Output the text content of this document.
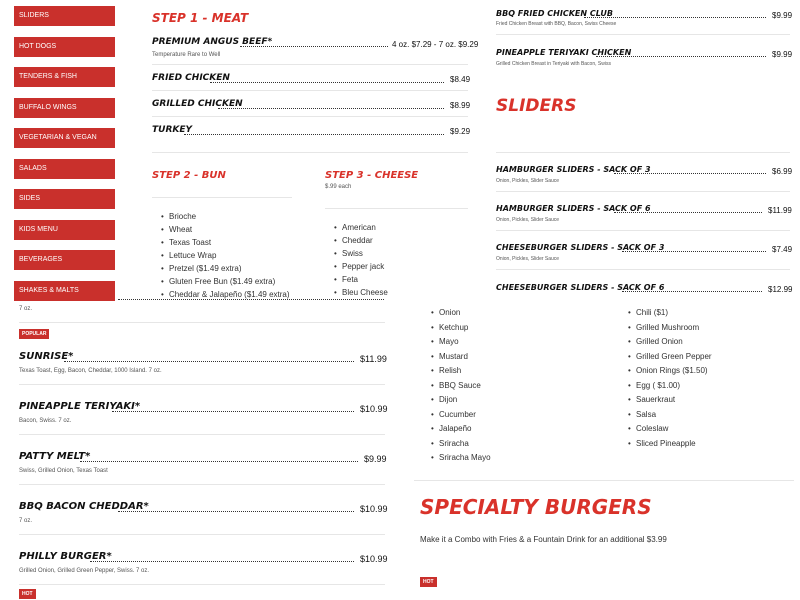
SLIDERS
HOT DOGS
TENDERS & FISH
BUFFALO WINGS
VEGETARIAN & VEGAN
SALADS
SIDES
KIDS MENU
BEVERAGES
SHAKES & MALTS
STEP 1 - MEAT
PREMIUM ANGUS BEEF*	4 oz. $7.29 - 7 oz. $9.29
Temperature Rare to Well
FRIED CHICKEN	$8.49
GRILLED CHICKEN	$8.99
TURKEY	$9.29
STEP 2 - BUN
• Brioche
• Wheat
• Texas Toast
• Lettuce Wrap
• Pretzel ($1.49 extra)
• Gluten Free Bun ($1.49 extra)
• Cheddar & Jalapeño ($1.49 extra)
STEP 3 - CHEESE
$.99 each
• American
• Cheddar
• Swiss
• Pepper jack
• Feta
• Bleu Cheese
BBQ FRIED CHICKEN CLUB	$9.99
Fried Chicken Breast with BBQ, Bacon, Swiss Cheese
PINEAPPLE TERIYAKI CHICKEN	$9.99
Grilled Chicken Breast in Teriyaki with Bacon, Swiss
SLIDERS
HAMBURGER SLIDERS - SACK OF 3	$6.99
Onion, Pickles, Slider Sauce
HAMBURGER SLIDERS - SACK OF 6	$11.99
Onion, Pickles, Slider Sauce
CHEESEBURGER SLIDERS - SACK OF 3	$7.49
Onion, Pickles, Slider Sauce
CHEESEBURGER SLIDERS - SACK OF 6	$12.99
7 oz.
POPULAR
SUNRISE*	$11.99
Texas Toast, Egg, Bacon, Cheddar, 1000 Island. 7 oz.
PINEAPPLE TERIYAKI*	$10.99
Bacon, Swiss. 7 oz.
PATTY MELT*	$9.99
Swiss, Grilled Onion, Texas Toast
BBQ BACON CHEDDAR*	$10.99
7 oz.
PHILLY BURGER*	$10.99
Grilled Onion, Grilled Green Pepper, Swiss. 7 oz.
HOT
• Onion
• Ketchup
• Mayo
• Mustard
• Relish
• BBQ Sauce
• Dijon
• Cucumber
• Jalapeño
• Sriracha
• Sriracha Mayo
• Chili ($1)
• Grilled Mushroom
• Grilled Onion
• Grilled Green Pepper
• Onion Rings ($1.50)
• Egg ( $1.00)
• Sauerkraut
• Salsa
• Coleslaw
• Sliced Pineapple
SPECIALTY BURGERS
Make it a Combo with Fries & a Fountain Drink for an additional $3.99
HOT
